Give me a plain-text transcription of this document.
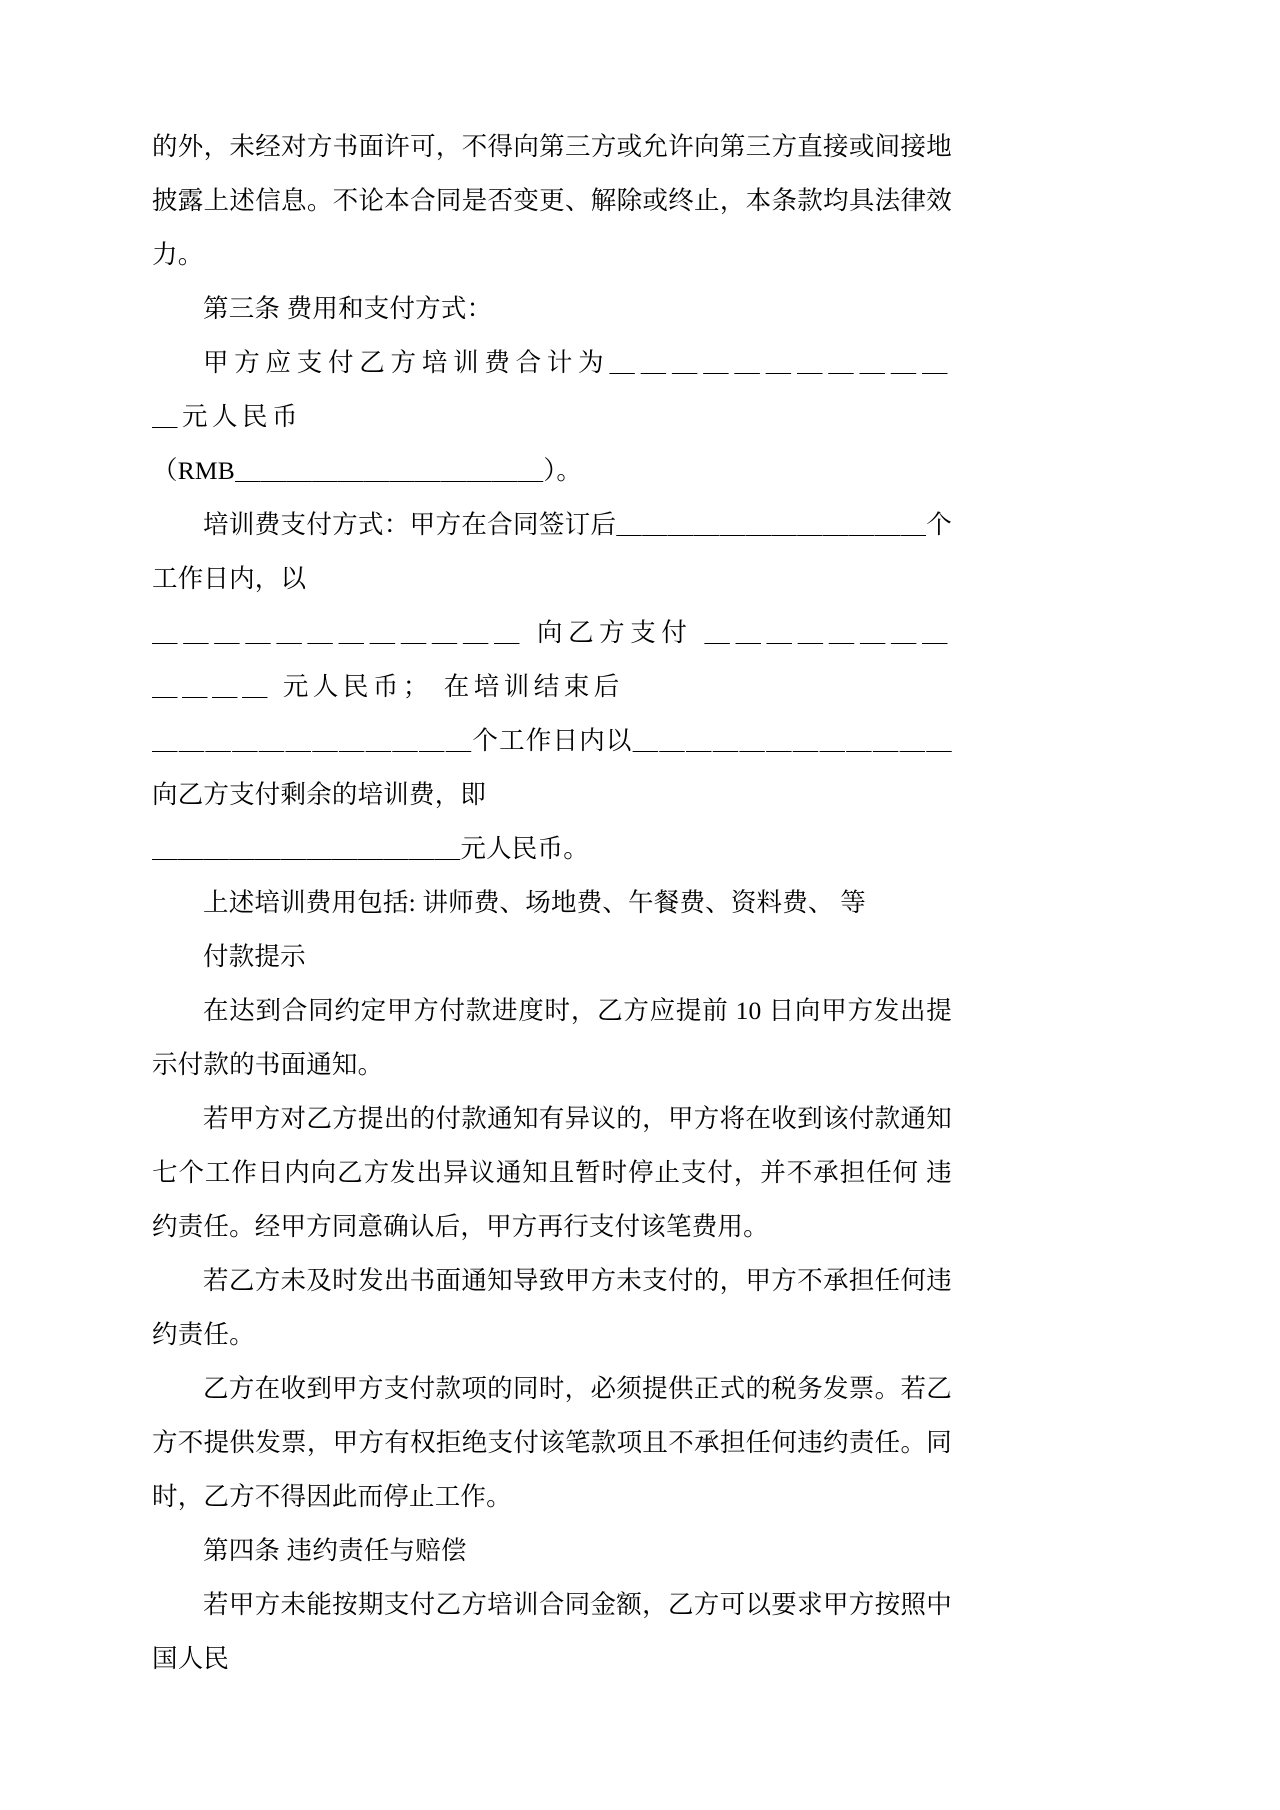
的外，未经对方书面许可，不得向第三方或允许向第三方直接或间接地披露上述信息。不论本合同是否变更、解除或终止，本条款均具法律效力。

第三条 费用和支付方式：

甲方应支付乙方培训费合计为＿＿＿＿＿＿＿＿＿＿＿＿元人民币

（RMB＿＿＿＿＿＿＿＿＿＿＿＿）。

培训费支付方式：甲方在合同签订后＿＿＿＿＿＿＿＿＿＿＿＿个工作日内，以

＿＿＿＿＿＿＿＿＿＿＿＿ 向乙方支付 ＿＿＿＿＿＿＿＿＿＿＿＿ 元人民币； 在培训结束后

＿＿＿＿＿＿＿＿＿＿＿＿个工作日内以＿＿＿＿＿＿＿＿＿＿＿＿ 向乙方支付剩余的培训费，即

＿＿＿＿＿＿＿＿＿＿＿＿元人民币。

上述培训费用包括: 讲师费、场地费、午餐费、资料费、 等

付款提示

在达到合同约定甲方付款进度时，乙方应提前 10 日向甲方发出提示付款的书面通知。

若甲方对乙方提出的付款通知有异议的，甲方将在收到该付款通知 七个工作日内向乙方发出异议通知且暂时停止支付，并不承担任何 违约责任。经甲方同意确认后，甲方再行支付该笔费用。

若乙方未及时发出书面通知导致甲方未支付的，甲方不承担任何违约责任。

乙方在收到甲方支付款项的同时，必须提供正式的税务发票。若乙方不提供发票，甲方有权拒绝支付该笔款项且不承担任何违约责任。同时，乙方不得因此而停止工作。

第四条 违约责任与赔偿

若甲方未能按期支付乙方培训合同金额，乙方可以要求甲方按照中国人民
